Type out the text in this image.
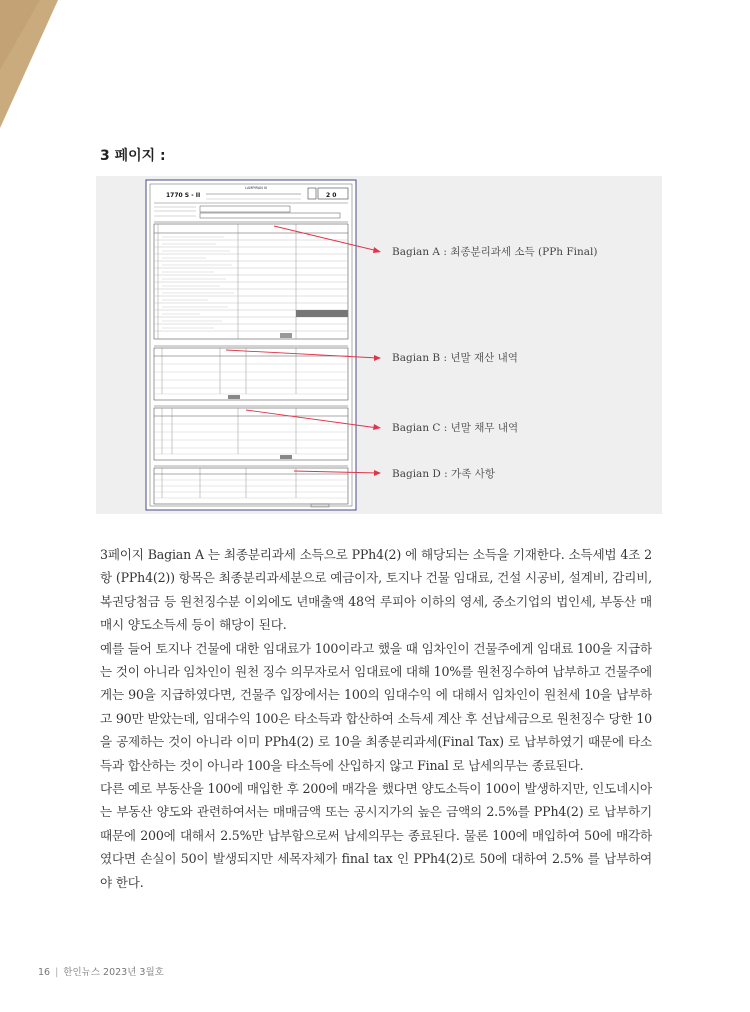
3 페이지 :
LAMPIRAN III
1770 S - II	2 0
Bagian A : 최종분리과세 소득 (PPh Final)
Bagian B : 년말 재산 내역
Bagian C : 년말 채무 내역
Bagian D : 가족 사항

3페이지 Bagian A 는 최종분리과세 소득으로 PPh4(2) 에 해당되는 소득을 기재한다. 소득세법 4조 2항 (PPh4(2)) 항목은 최종분리과세분으로 예금이자, 토지나 건물 임대료, 건설 시공비, 설계비, 감리비, 복권당첨금 등 원천징수분 이외에도 년매출액 48억 루피아 이하의 영세, 중소기업의 법인세, 부동산 매매시 양도소득세 등이 해당이 된다.

예를 들어 토지나 건물에 대한 임대료가 100이라고 했을 때 임차인이 건물주에게 임대료 100을 지급하는 것이 아니라 임차인이 원천 징수 의무자로서 임대료에 대해 10%를 원천징수하여 납부하고 건물주에게는 90을 지급하였다면, 건물주 입장에서는 100의 임대수익 에 대해서 임차인이 원천세 10을 납부하고 90만 받았는데, 임대수익 100은 타소득과 합산하여 소득세 계산 후 선납세금으로 원천징수 당한 10을 공제하는 것이 아니라 이미 PPh4(2) 로 10을 최종분리과세(Final Tax) 로 납부하였기 때문에 타소득과 합산하는 것이 아니라 100을 타소득에 산입하지 않고 Final 로 납세의무는 종료된다.

다른 예로 부동산을 100에 매입한 후 200에 매각을 했다면 양도소득이 100이 발생하지만, 인도네시아는 부동산 양도와 관련하여서는 매매금액 또는 공시지가의 높은 금액의 2.5%를 PPh4(2) 로 납부하기 때문에 200에 대해서 2.5%만 납부함으로써 납세의무는 종료된다. 물론 100에 매입하여 50에 매각하였다면 손실이 50이 발생되지만 세목자체가 final tax 인 PPh4(2)로 50에 대하여 2.5% 를 납부하여야 한다.

16 | 한인뉴스 2023년 3월호
